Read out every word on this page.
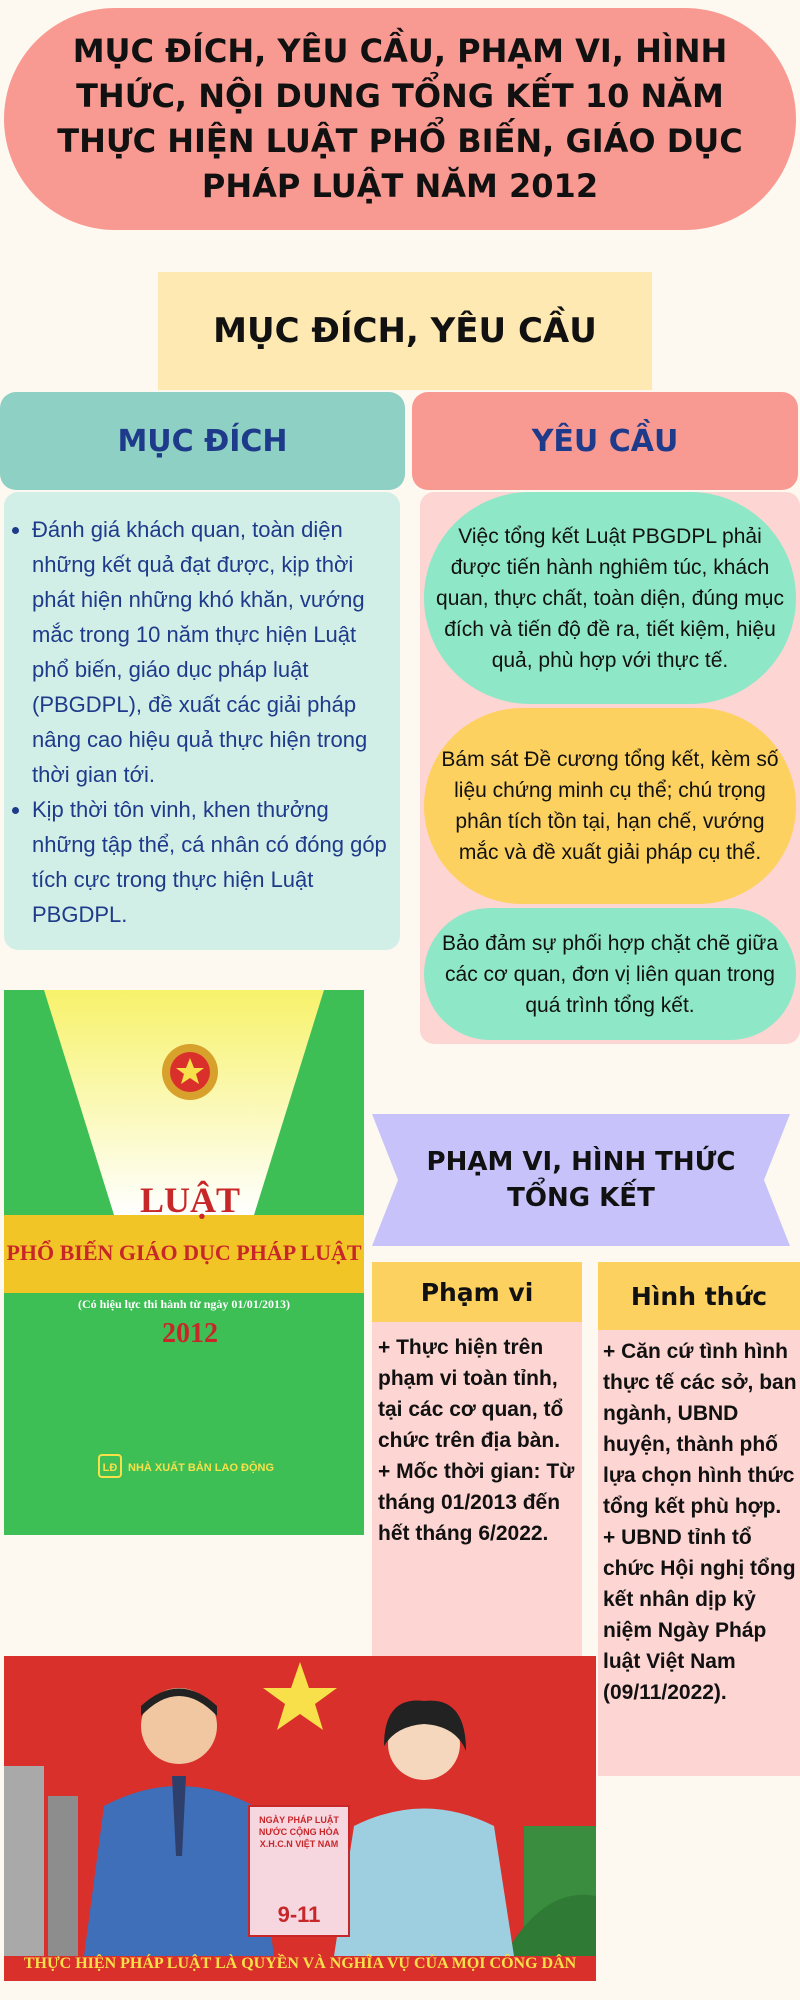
MỤC ĐÍCH, YÊU CẦU, PHẠM VI, HÌNH THỨC, NỘI DUNG TỔNG KẾT 10 NĂM THỰC HIỆN LUẬT PHỔ BIẾN, GIÁO DỤC PHÁP LUẬT NĂM 2012
MỤC ĐÍCH, YÊU CẦU
MỤC ĐÍCH	YÊU CẦU
• Đánh giá khách quan, toàn diện những kết quả đạt được, kịp thời phát hiện những khó khăn, vướng mắc trong 10 năm thực hiện Luật phổ biến, giáo dục pháp luật (PBGDPL), đề xuất các giải pháp nâng cao hiệu quả thực hiện trong thời gian tới.
• Kịp thời tôn vinh, khen thưởng những tập thể, cá nhân có đóng góp tích cực trong thực hiện Luật PBGDPL.
Việc tổng kết Luật PBGDPL phải được tiến hành nghiêm túc, khách quan, thực chất, toàn diện, đúng mục đích và tiến độ đề ra, tiết kiệm, hiệu quả, phù hợp với thực tế.
Bám sát Đề cương tổng kết, kèm số liệu chứng minh cụ thể; chú trọng phân tích tồn tại, hạn chế, vướng mắc và đề xuất giải pháp cụ thể.
Bảo đảm sự phối hợp chặt chẽ giữa các cơ quan, đơn vị liên quan trong quá trình tổng kết.
LUẬT
PHỔ BIẾN GIÁO DỤC PHÁP LUẬT
(Có hiệu lực thi hành từ ngày 01/01/2013)
2012
LĐ NHÀ XUẤT BẢN LAO ĐỘNG
PHẠM VI, HÌNH THỨC
TỔNG KẾT
Phạm vi

+ Thực hiện trên phạm vi toàn tỉnh, tại các cơ quan, tổ chức trên địa bàn.

+ Mốc thời gian: Từ tháng 01/2013 đến hết tháng 6/2022.

Hình thức

+ Căn cứ tình hình thực tế các sở, ban ngành, UBND huyện, thành phố lựa chọn hình thức tổng kết phù hợp.

+ UBND tỉnh tổ chức Hội nghị tổng kết nhân dịp kỷ niệm Ngày Pháp luật Việt Nam (09/11/2022).

NGÀY PHÁP LUẬT NƯỚC CỘNG HÒA X.H.C.N VIỆT NAM
9-11
THỰC HIỆN PHÁP LUẬT LÀ QUYỀN VÀ NGHĨA VỤ CỦA MỌI CÔNG DÂN
